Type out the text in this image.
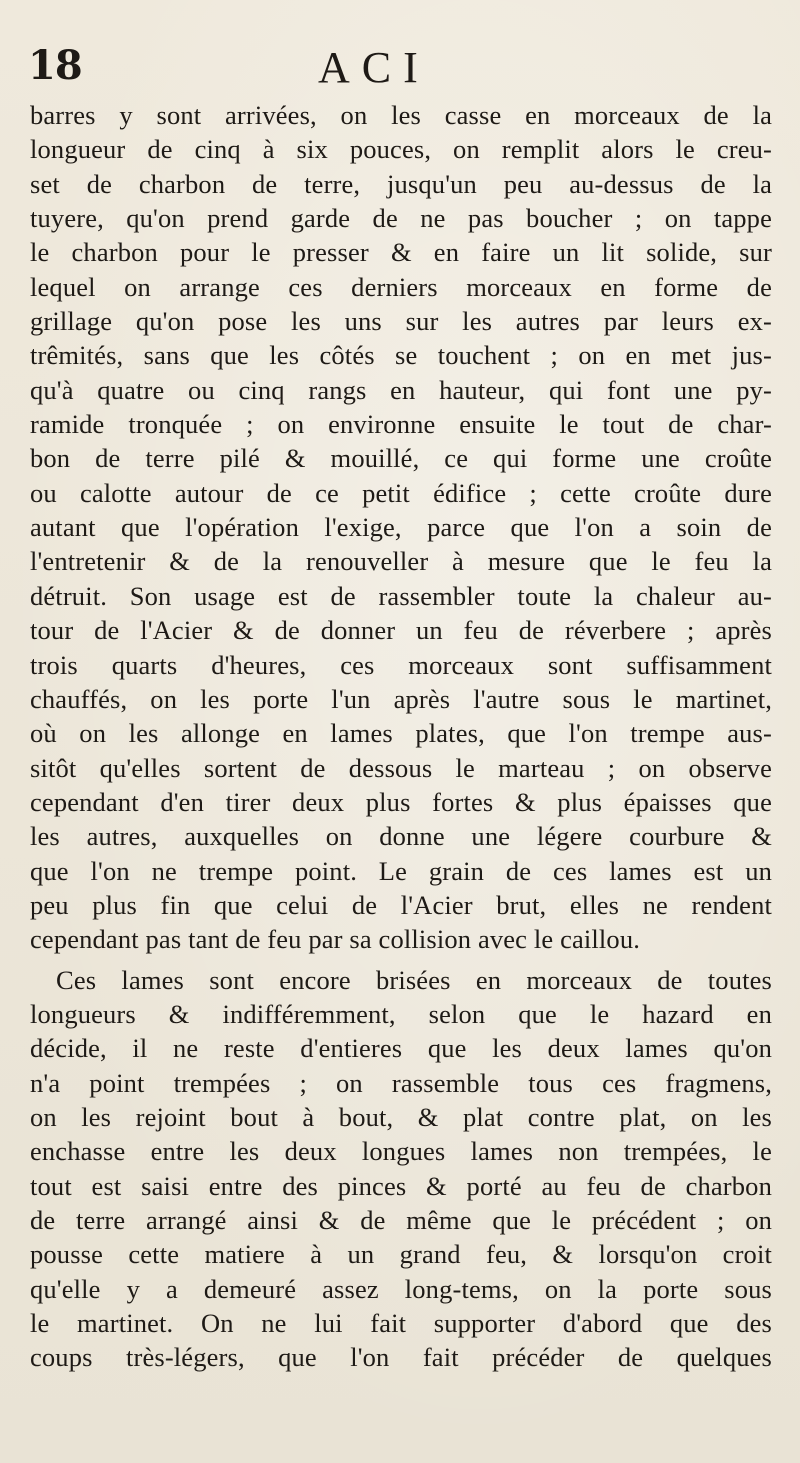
18	ACI
barres y sont arrivées, on les casse en morceaux de la
longueur de cinq à six pouces, on remplit alors le creu-
set de charbon de terre, jusqu'un peu au-dessus de la
tuyere, qu'on prend garde de ne pas boucher ; on tappe
le charbon pour le presser & en faire un lit solide, sur
lequel on arrange ces derniers morceaux en forme de
grillage qu'on pose les uns sur les autres par leurs ex-
trêmités, sans que les côtés se touchent ; on en met jus-
qu'à quatre ou cinq rangs en hauteur, qui font une py-
ramide tronquée ; on environne ensuite le tout de char-
bon de terre pilé & mouillé, ce qui forme une croûte
ou calotte autour de ce petit édifice ; cette croûte dure
autant que l'opération l'exige, parce que l'on a soin de
l'entretenir & de la renouveller à mesure que le feu la
détruit. Son usage est de rassembler toute la chaleur au-
tour de l'Acier & de donner un feu de réverbere ; après
trois quarts d'heures, ces morceaux sont suffisamment
chauffés, on les porte l'un après l'autre sous le martinet,
où on les allonge en lames plates, que l'on trempe aus-
sitôt qu'elles sortent de dessous le marteau ; on observe
cependant d'en tirer deux plus fortes & plus épaisses que
les autres, auxquelles on donne une légere courbure &
que l'on ne trempe point. Le grain de ces lames est un
peu plus fin que celui de l'Acier brut, elles ne rendent
cependant pas tant de feu par sa collision avec le caillou.
Ces lames sont encore brisées en morceaux de toutes
longueurs & indifféremment, selon que le hazard en
décide, il ne reste d'entieres que les deux lames qu'on
n'a point trempées ; on rassemble tous ces fragmens,
on les rejoint bout à bout, & plat contre plat, on les
enchasse entre les deux longues lames non trempées, le
tout est saisi entre des pinces & porté au feu de charbon
de terre arrangé ainsi & de même que le précédent ; on
pousse cette matiere à un grand feu, & lorsqu'on croit
qu'elle y a demeuré assez long-tems, on la porte sous
le martinet. On ne lui fait supporter d'abord que des
coups très-légers, que l'on fait précéder de quelques
